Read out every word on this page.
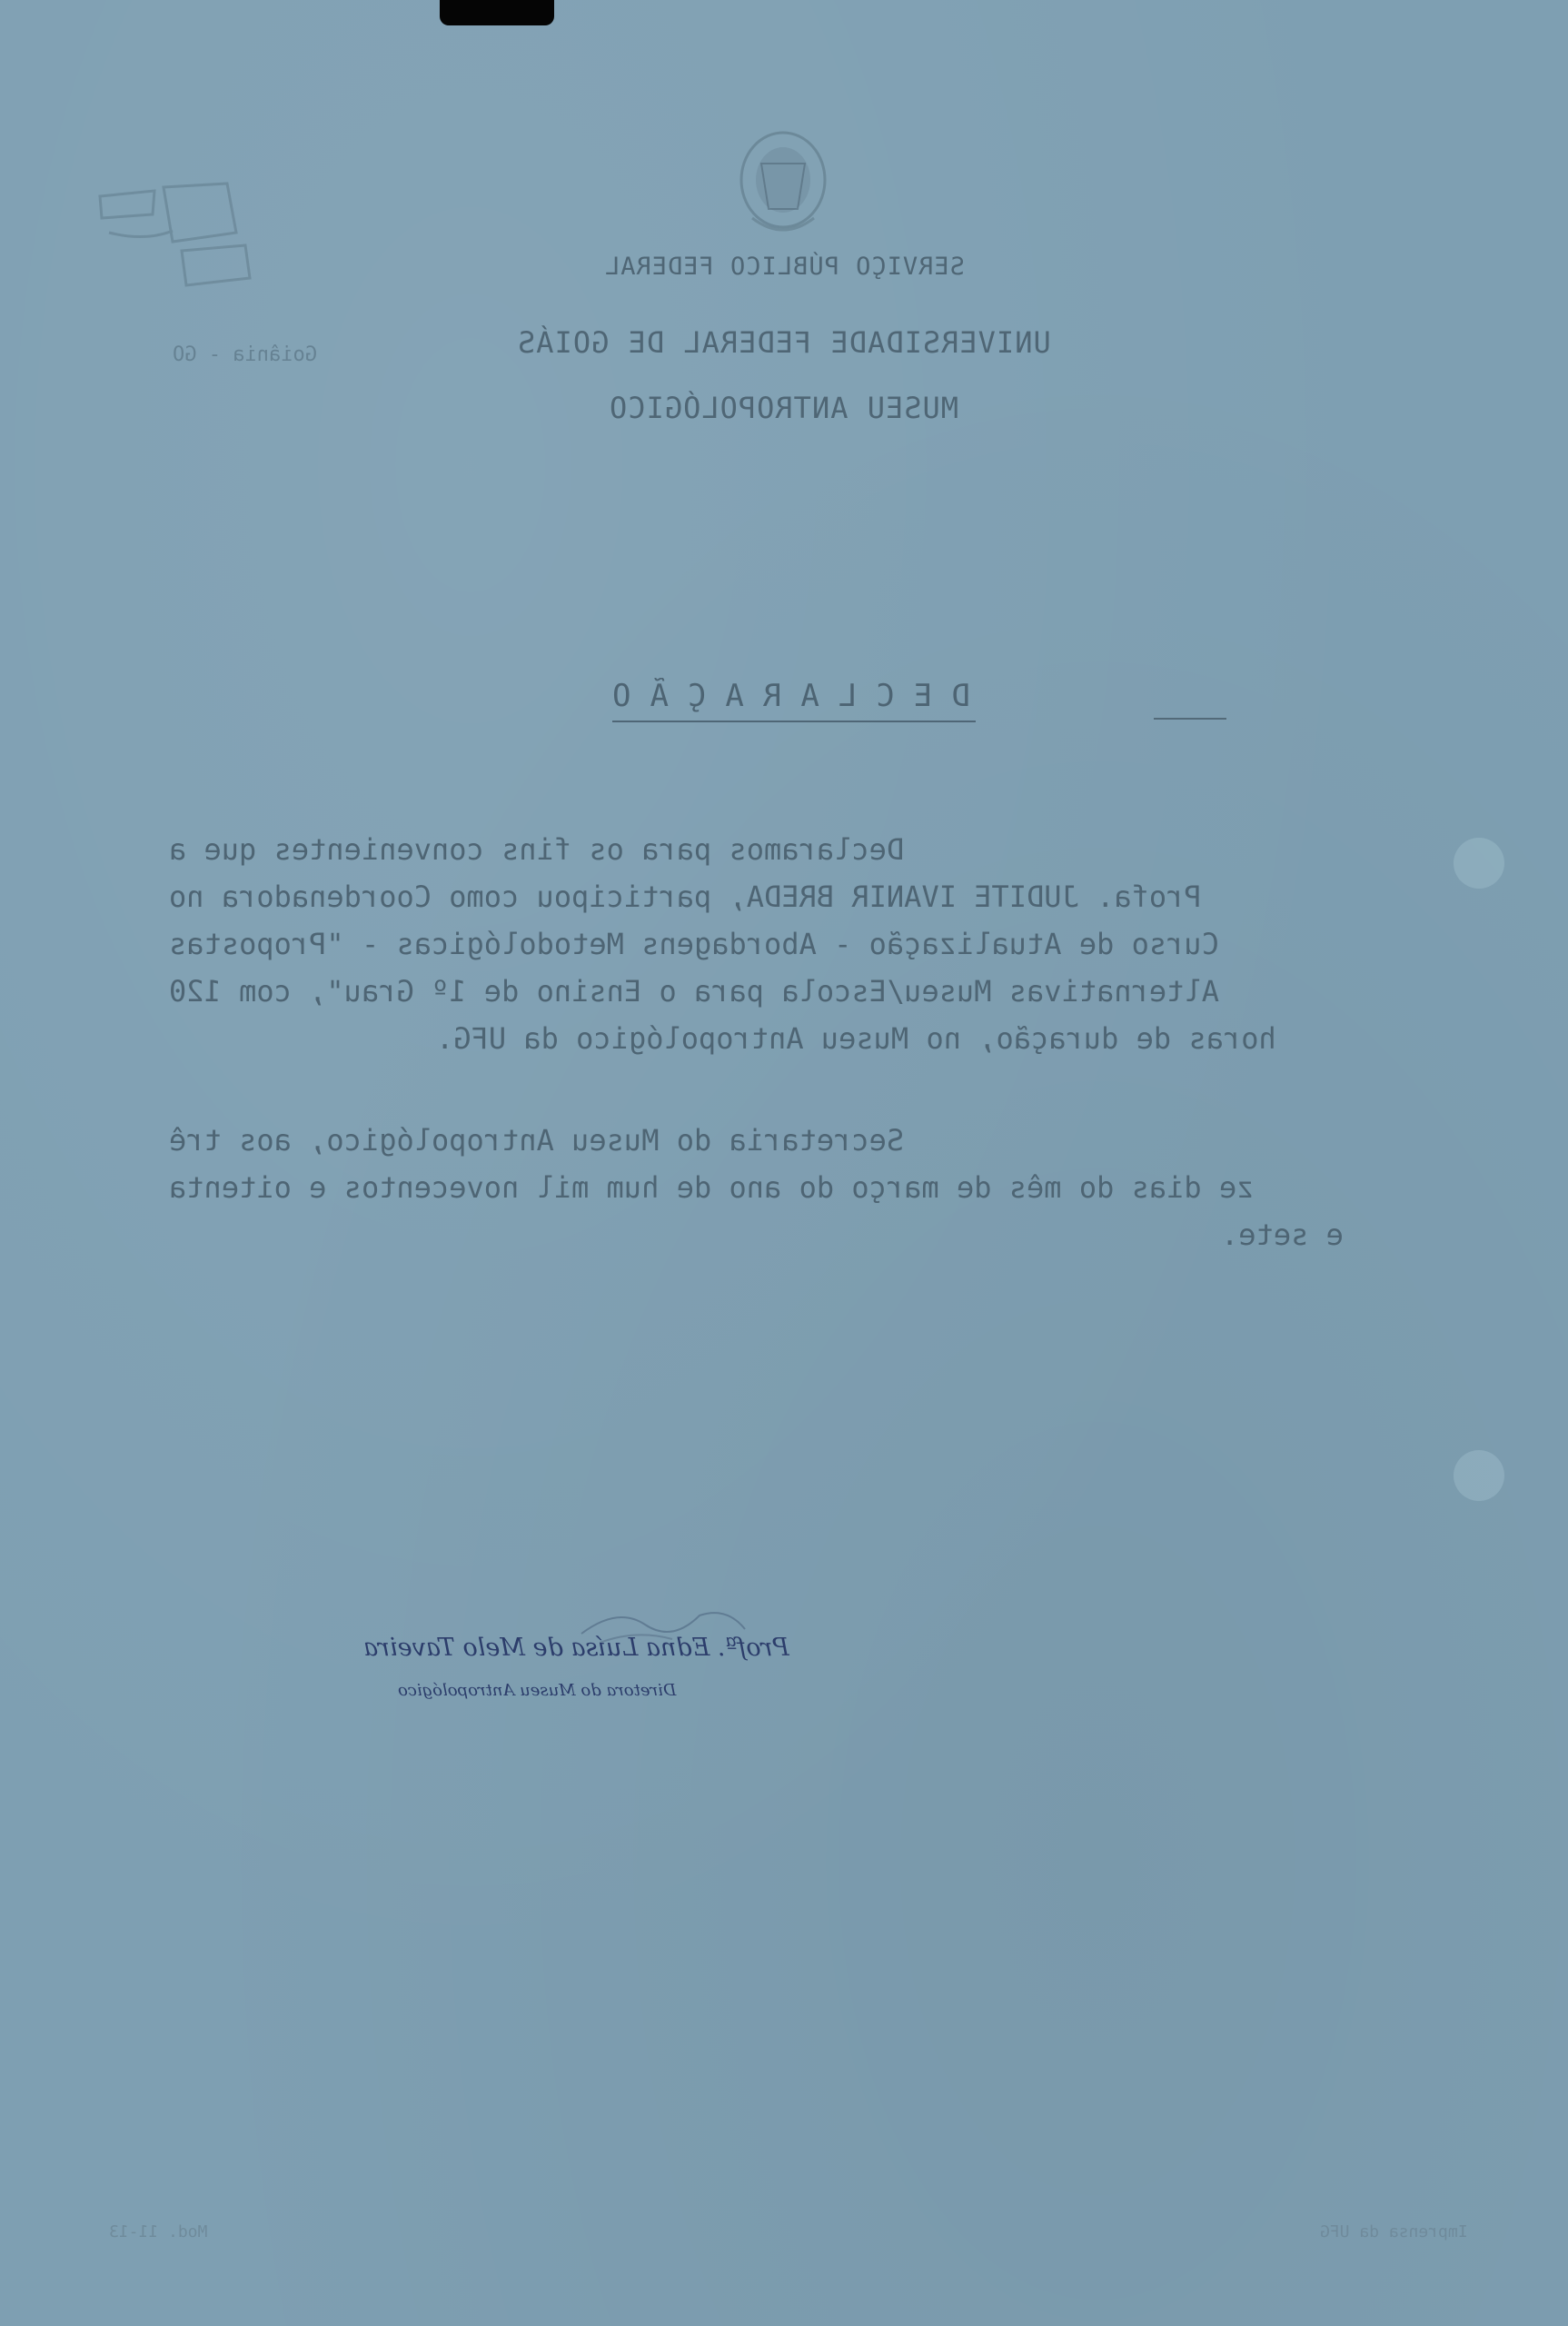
SERVIÇO PÚBLICO FEDERAL
UNIVERSIDADE FEDERAL DE GOIÁS
MUSEU ANTROPOLÓGICO
Goiânia - GO
DECLARAÇÃO
Declaramos para os fins convenientes que a
Profa. JUDITE IVANIR BREDA, participou como Coordenadora no
Curso de Atualização - Abordagens Metodológicas - "Propostas
Alternativas Museu/Escola para o Ensino de 1º Grau", com 120
horas de duração, no Museu Antropológico da UFG.
Secretaria do Museu Antropológico, aos trê
ze dias do mês de março do ano de hum mil novecentos e oitenta
e sete.
Profª. Edna Luísa de Melo Taveira
Diretora do Museu Antropológico
Mod. 11-13	Imprensa da UFG
